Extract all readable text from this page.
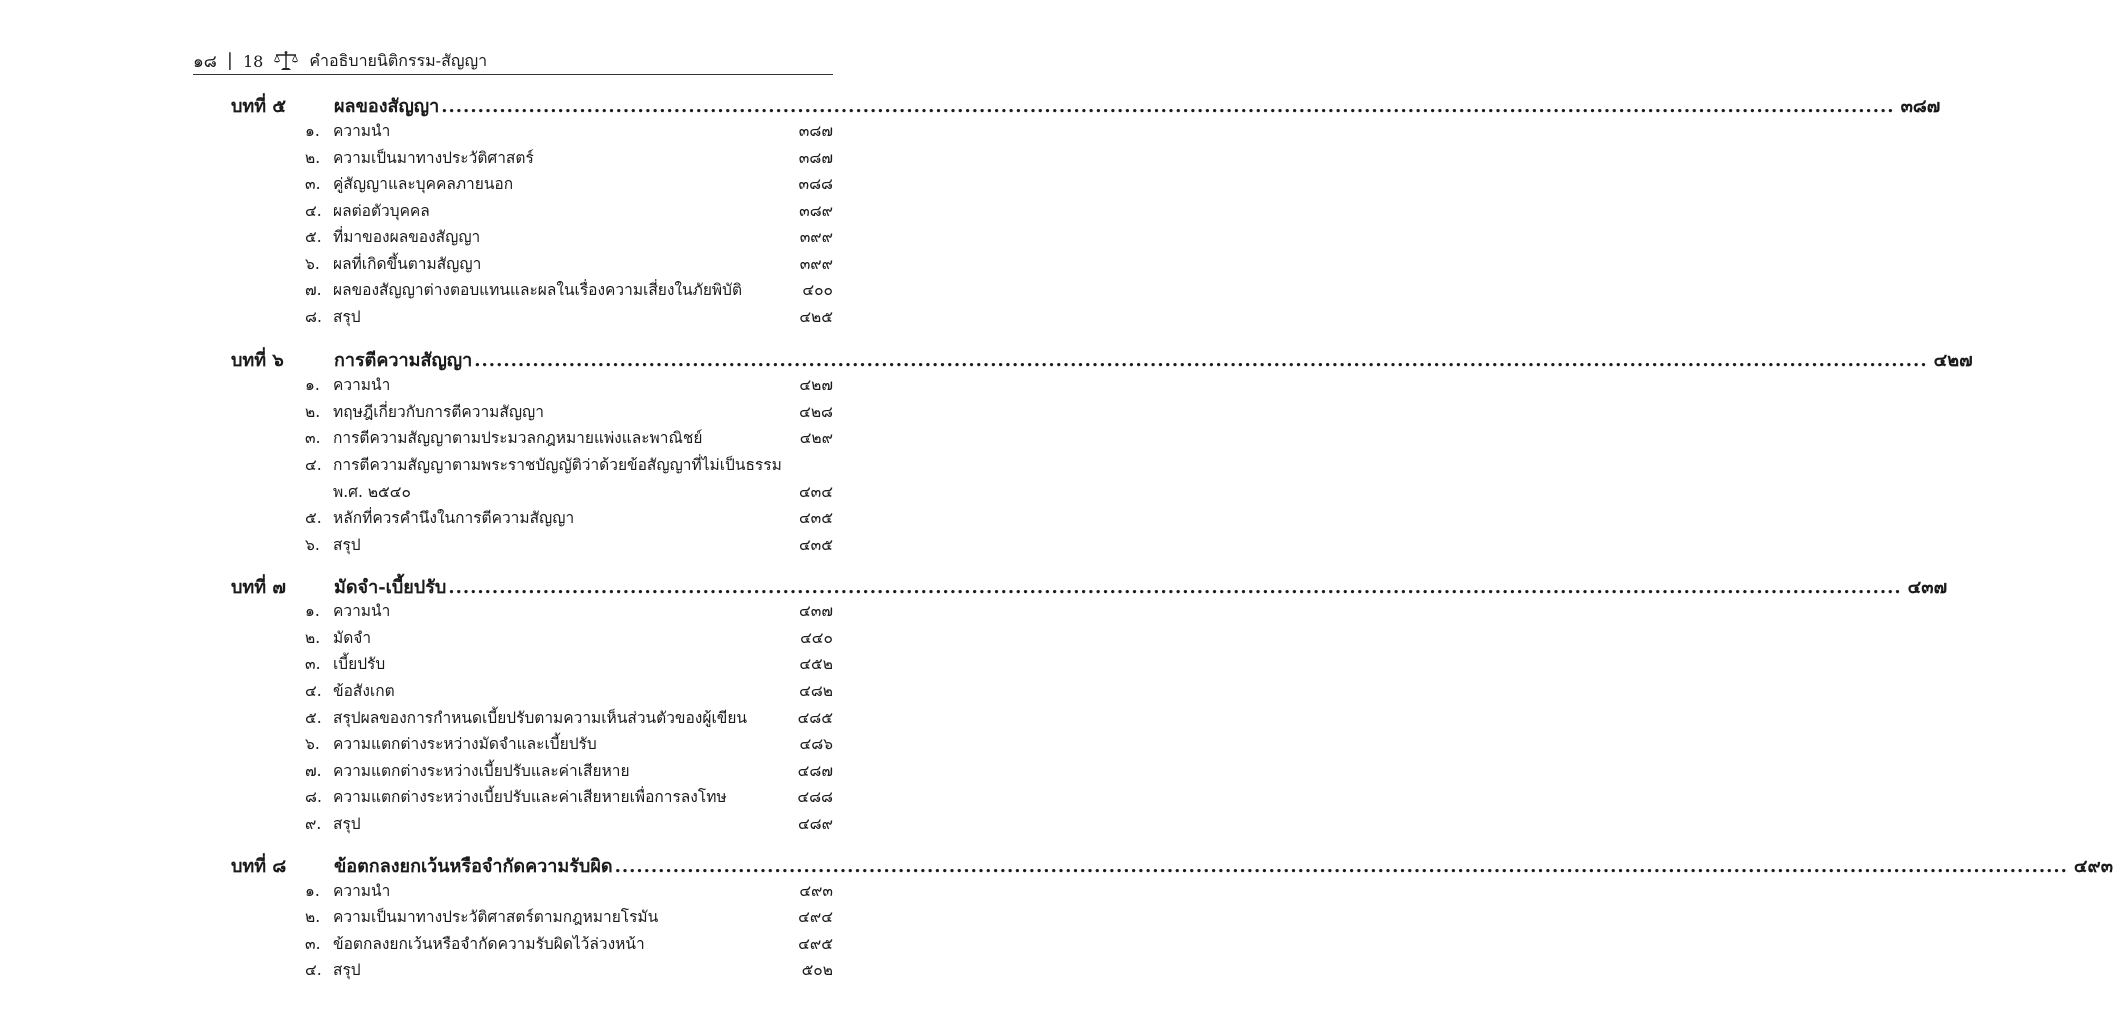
๑๘ | 18	คำอธิบายนิติกรรม-สัญญา
บทที่ ๕	ผลของสัญญา ........................................................................................................................................................................................................ ๓๘๗
๑. ความนำ	๓๘๗
๒. ความเป็นมาทางประวัติศาสตร์	๓๘๗
๓. คู่สัญญาและบุคคลภายนอก	๓๘๘
๔. ผลต่อตัวบุคคล	๓๘๙
๕. ที่มาของผลของสัญญา	๓๙๙
๖. ผลที่เกิดขึ้นตามสัญญา	๓๙๙
๗. ผลของสัญญาต่างตอบแทนและผลในเรื่องความเสี่ยงในภัยพิบัติ	๔๐๐
๘. สรุป	๔๒๕
บทที่ ๖	การตีความสัญญา ........................................................................................................................................................................................................ ๔๒๗
๑. ความนำ	๔๒๗
๒. ทฤษฎีเกี่ยวกับการตีความสัญญา	๔๒๘
๓. การตีความสัญญาตามประมวลกฎหมายแพ่งและพาณิชย์	๔๒๙
๔. การตีความสัญญาตามพระราชบัญญัติว่าด้วยข้อสัญญาที่ไม่เป็นธรรม
พ.ศ. ๒๕๔๐	๔๓๔
๕. หลักที่ควรคำนึงในการตีความสัญญา	๔๓๕
๖. สรุป	๔๓๕
บทที่ ๗	มัดจำ-เบี้ยปรับ ........................................................................................................................................................................................................ ๔๓๗
๑. ความนำ	๔๓๗
๒. มัดจำ	๔๔๐
๓. เบี้ยปรับ	๔๕๒
๔. ข้อสังเกต	๔๘๒
๕. สรุปผลของการกำหนดเบี้ยปรับตามความเห็นส่วนตัวของผู้เขียน	๔๘๕
๖. ความแตกต่างระหว่างมัดจำและเบี้ยปรับ	๔๘๖
๗. ความแตกต่างระหว่างเบี้ยปรับและค่าเสียหาย	๔๘๗
๘. ความแตกต่างระหว่างเบี้ยปรับและค่าเสียหายเพื่อการลงโทษ	๔๘๘
๙. สรุป	๔๘๙
บทที่ ๘	ข้อตกลงยกเว้นหรือจำกัดความรับผิด ........................................................................................................................................................................................................ ๔๙๓
๑. ความนำ	๔๙๓
๒. ความเป็นมาทางประวัติศาสตร์ตามกฎหมายโรมัน	๔๙๔
๓. ข้อตกลงยกเว้นหรือจำกัดความรับผิดไว้ล่วงหน้า	๔๙๕
๔. สรุป	๕๐๒
